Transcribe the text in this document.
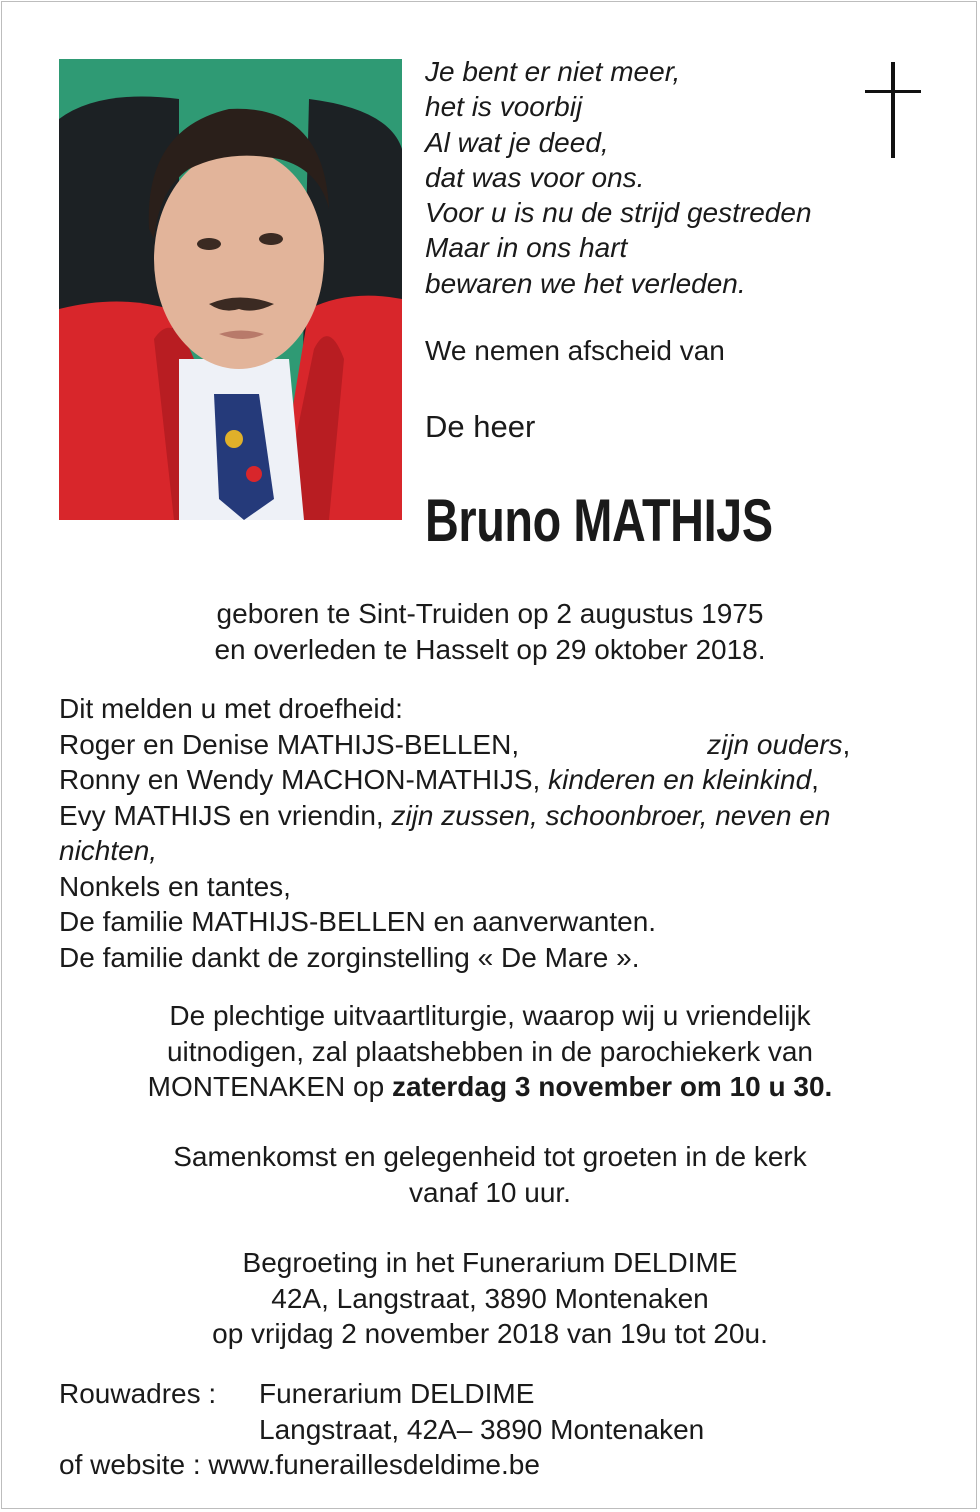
Je bent er niet meer,
het is voorbij
Al wat je deed,
dat was voor ons.
Voor u is nu de strijd gestreden
Maar in ons hart
bewaren we het verleden.
We nemen afscheid van
De heer
Bruno MATHIJS
geboren te Sint-Truiden op 2 augustus 1975
en overleden te Hasselt op 29 oktober 2018.
Dit melden u met droefheid:
Roger en Denise MATHIJS-BELLEN,	zijn ouders,
Ronny en Wendy MACHON-MATHIJS, kinderen en kleinkind,
Evy MATHIJS en vriendin, zijn zussen, schoonbroer, neven en nichten,
Nonkels en tantes,
De familie MATHIJS-BELLEN en aanverwanten.
De familie dankt de zorginstelling « De Mare ».
De plechtige uitvaartliturgie, waarop wij u vriendelijk
uitnodigen, zal plaatshebben in de parochiekerk van
MONTENAKEN op zaterdag 3 november om 10 u 30.
Samenkomst en gelegenheid tot groeten in de kerk
vanaf 10 uur.
Begroeting in het Funerarium DELDIME
42A, Langstraat, 3890 Montenaken
op vrijdag 2 november 2018 van 19u tot 20u.
Rouwadres :	Funerarium DELDIME
Langstraat, 42A– 3890 Montenaken
of website : www.funeraillesdeldime.be
